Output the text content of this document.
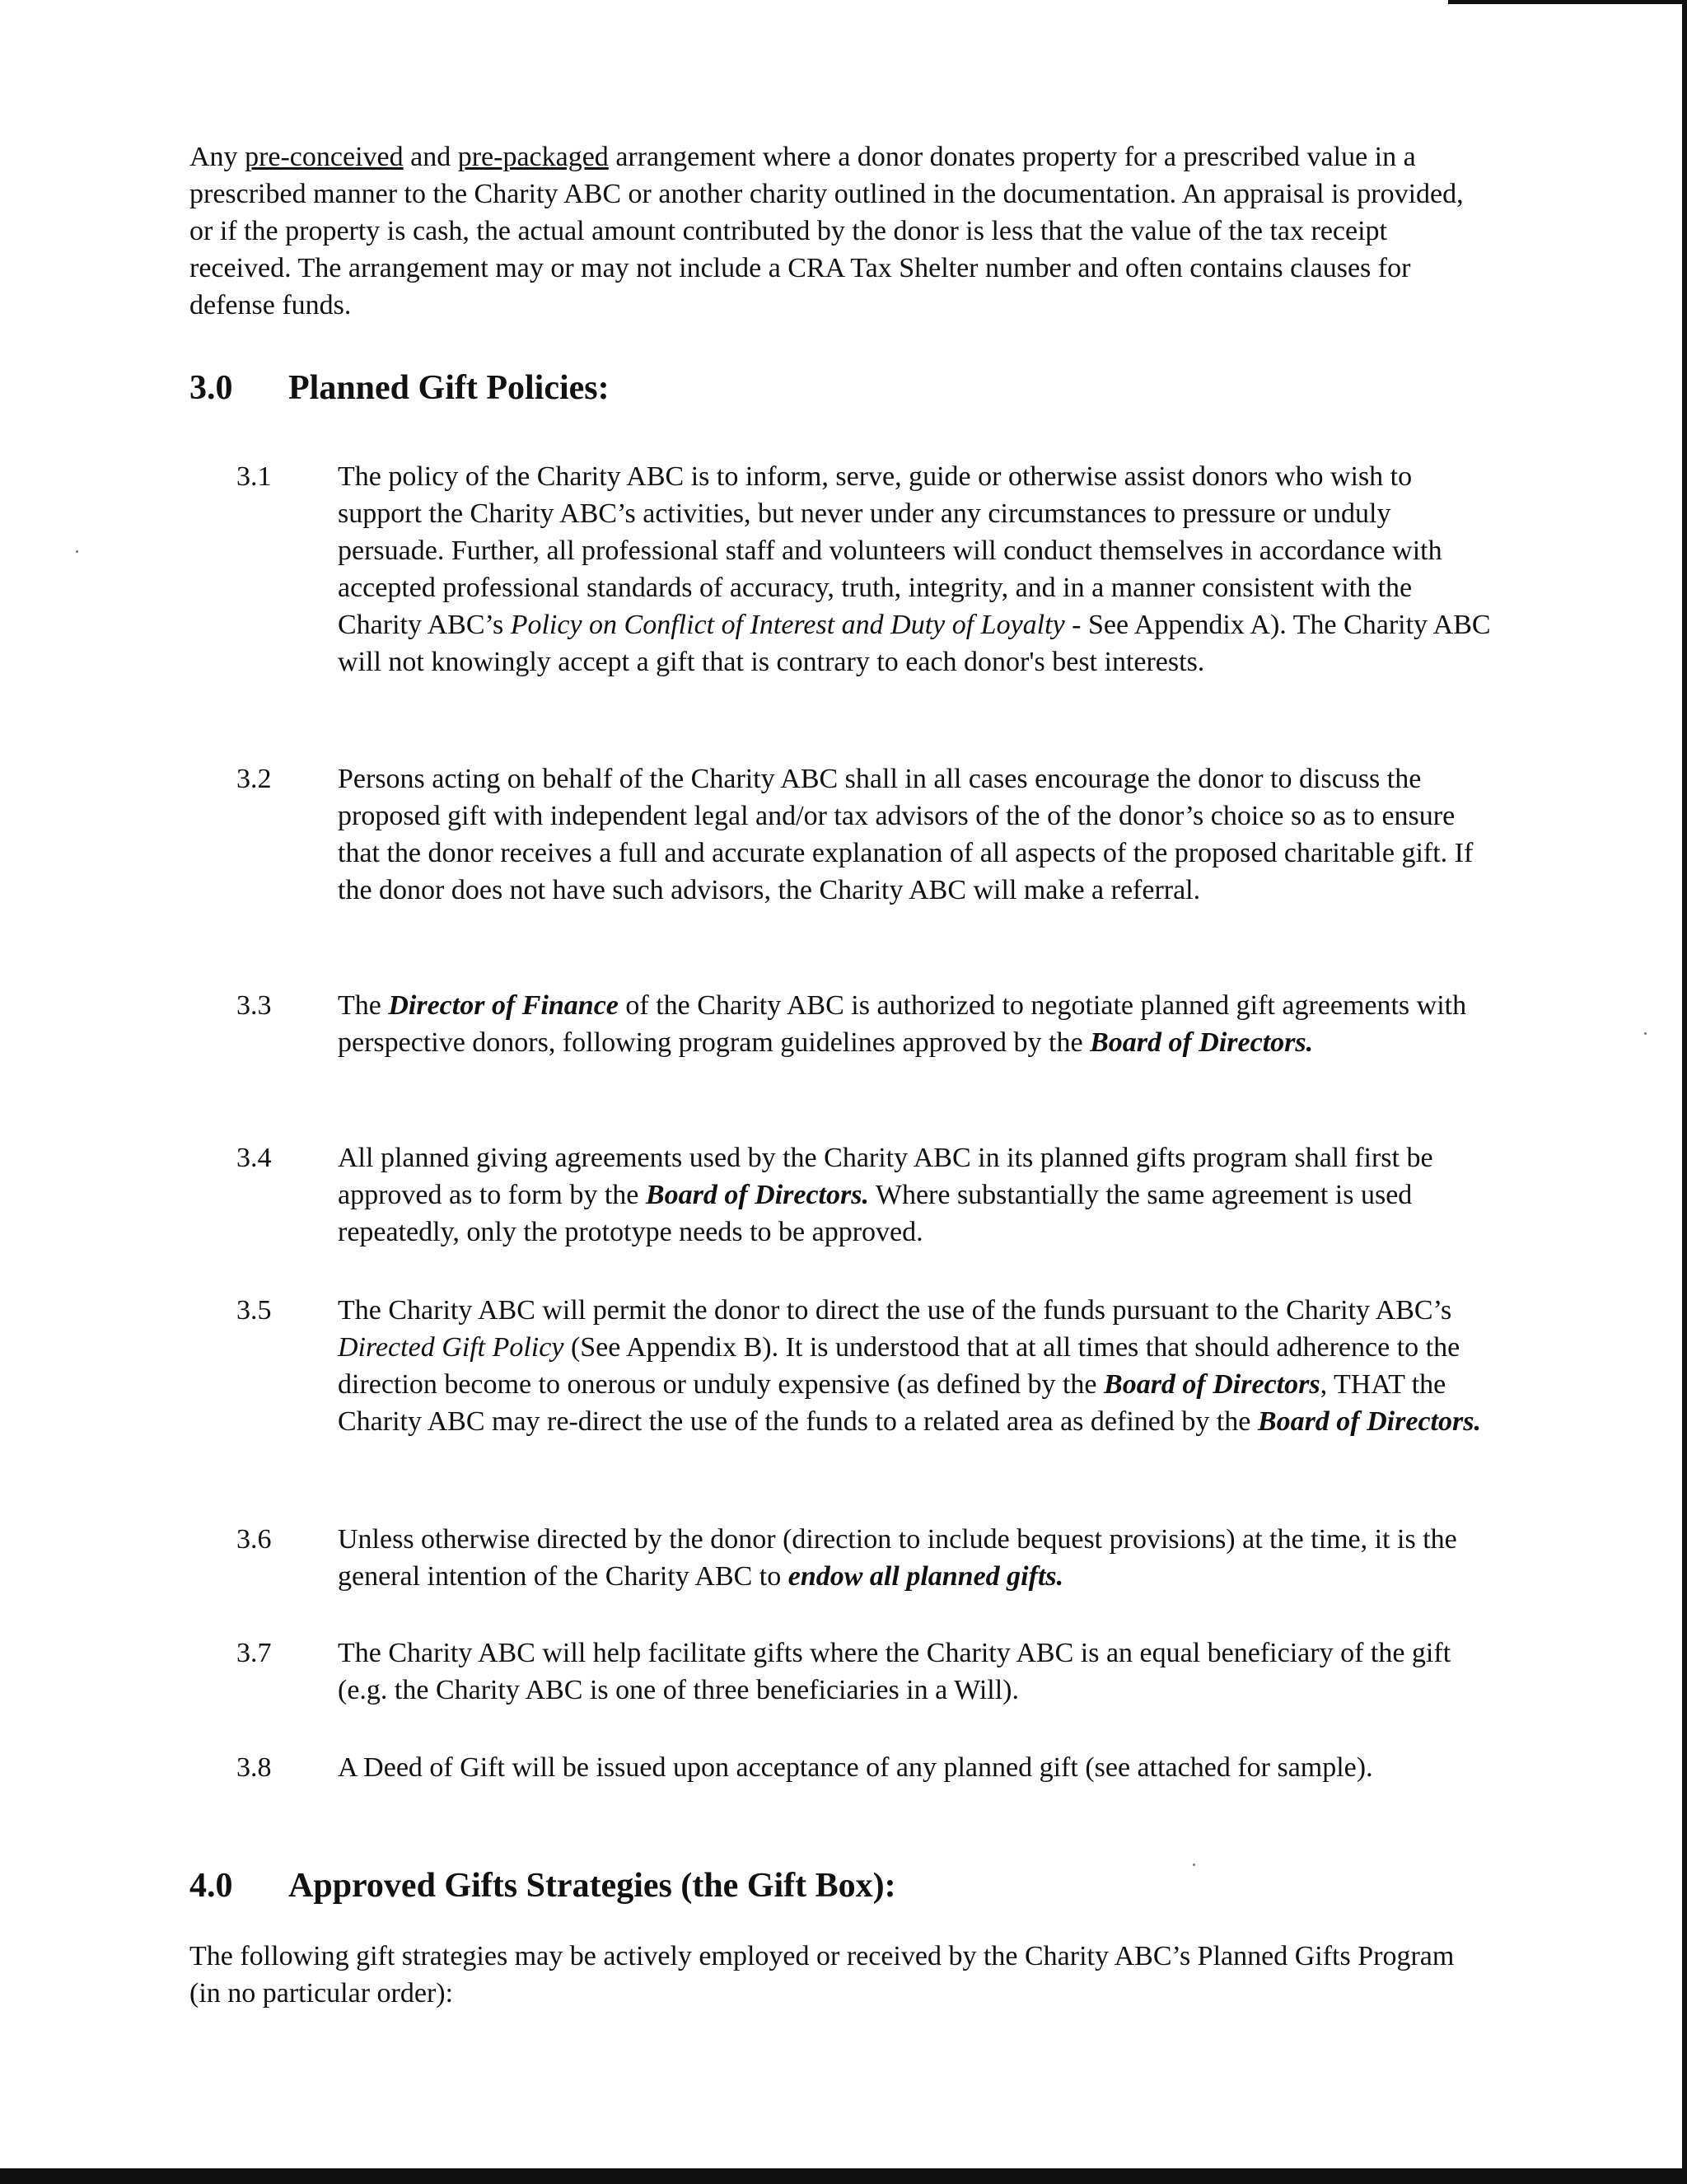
Any pre-conceived and pre-packaged arrangement where a donor donates property for a prescribed value in a prescribed manner to the Charity ABC or another charity outlined in the documentation. An appraisal is provided, or if the property is cash, the actual amount contributed by the donor is less that the value of the tax receipt received. The arrangement may or may not include a CRA Tax Shelter number and often contains clauses for defense funds.

3.0 Planned Gift Policies:
3.1 The policy of the Charity ABC is to inform, serve, guide or otherwise assist donors who wish to support the Charity ABC’s activities, but never under any circumstances to pressure or unduly persuade. Further, all professional staff and volunteers will conduct themselves in accordance with accepted professional standards of accuracy, truth, integrity, and in a manner consistent with the Charity ABC’s Policy on Conflict of Interest and Duty of Loyalty - See Appendix A). The Charity ABC will not knowingly accept a gift that is contrary to each donor's best interests.

3.2 Persons acting on behalf of the Charity ABC shall in all cases encourage the donor to discuss the proposed gift with independent legal and/or tax advisors of the of the donor’s choice so as to ensure that the donor receives a full and accurate explanation of all aspects of the proposed charitable gift. If the donor does not have such advisors, the Charity ABC will make a referral.

3.3 The Director of Finance of the Charity ABC is authorized to negotiate planned gift agreements with perspective donors, following program guidelines approved by the Board of Directors.

3.4 All planned giving agreements used by the Charity ABC in its planned gifts program shall first be approved as to form by the Board of Directors. Where substantially the same agreement is used repeatedly, only the prototype needs to be approved.

3.5 The Charity ABC will permit the donor to direct the use of the funds pursuant to the Charity ABC’s Directed Gift Policy (See Appendix B). It is understood that at all times that should adherence to the direction become to onerous or unduly expensive (as defined by the Board of Directors, THAT the Charity ABC may re-direct the use of the funds to a related area as defined by the Board of Directors.

3.6 Unless otherwise directed by the donor (direction to include bequest provisions) at the time, it is the general intention of the Charity ABC to endow all planned gifts.

3.7 The Charity ABC will help facilitate gifts where the Charity ABC is an equal beneficiary of the gift (e.g. the Charity ABC is one of three beneficiaries in a Will).

3.8 A Deed of Gift will be issued upon acceptance of any planned gift (see attached for sample).

4.0 Approved Gifts Strategies (the Gift Box):

The following gift strategies may be actively employed or received by the Charity ABC’s Planned Gifts Program (in no particular order):
